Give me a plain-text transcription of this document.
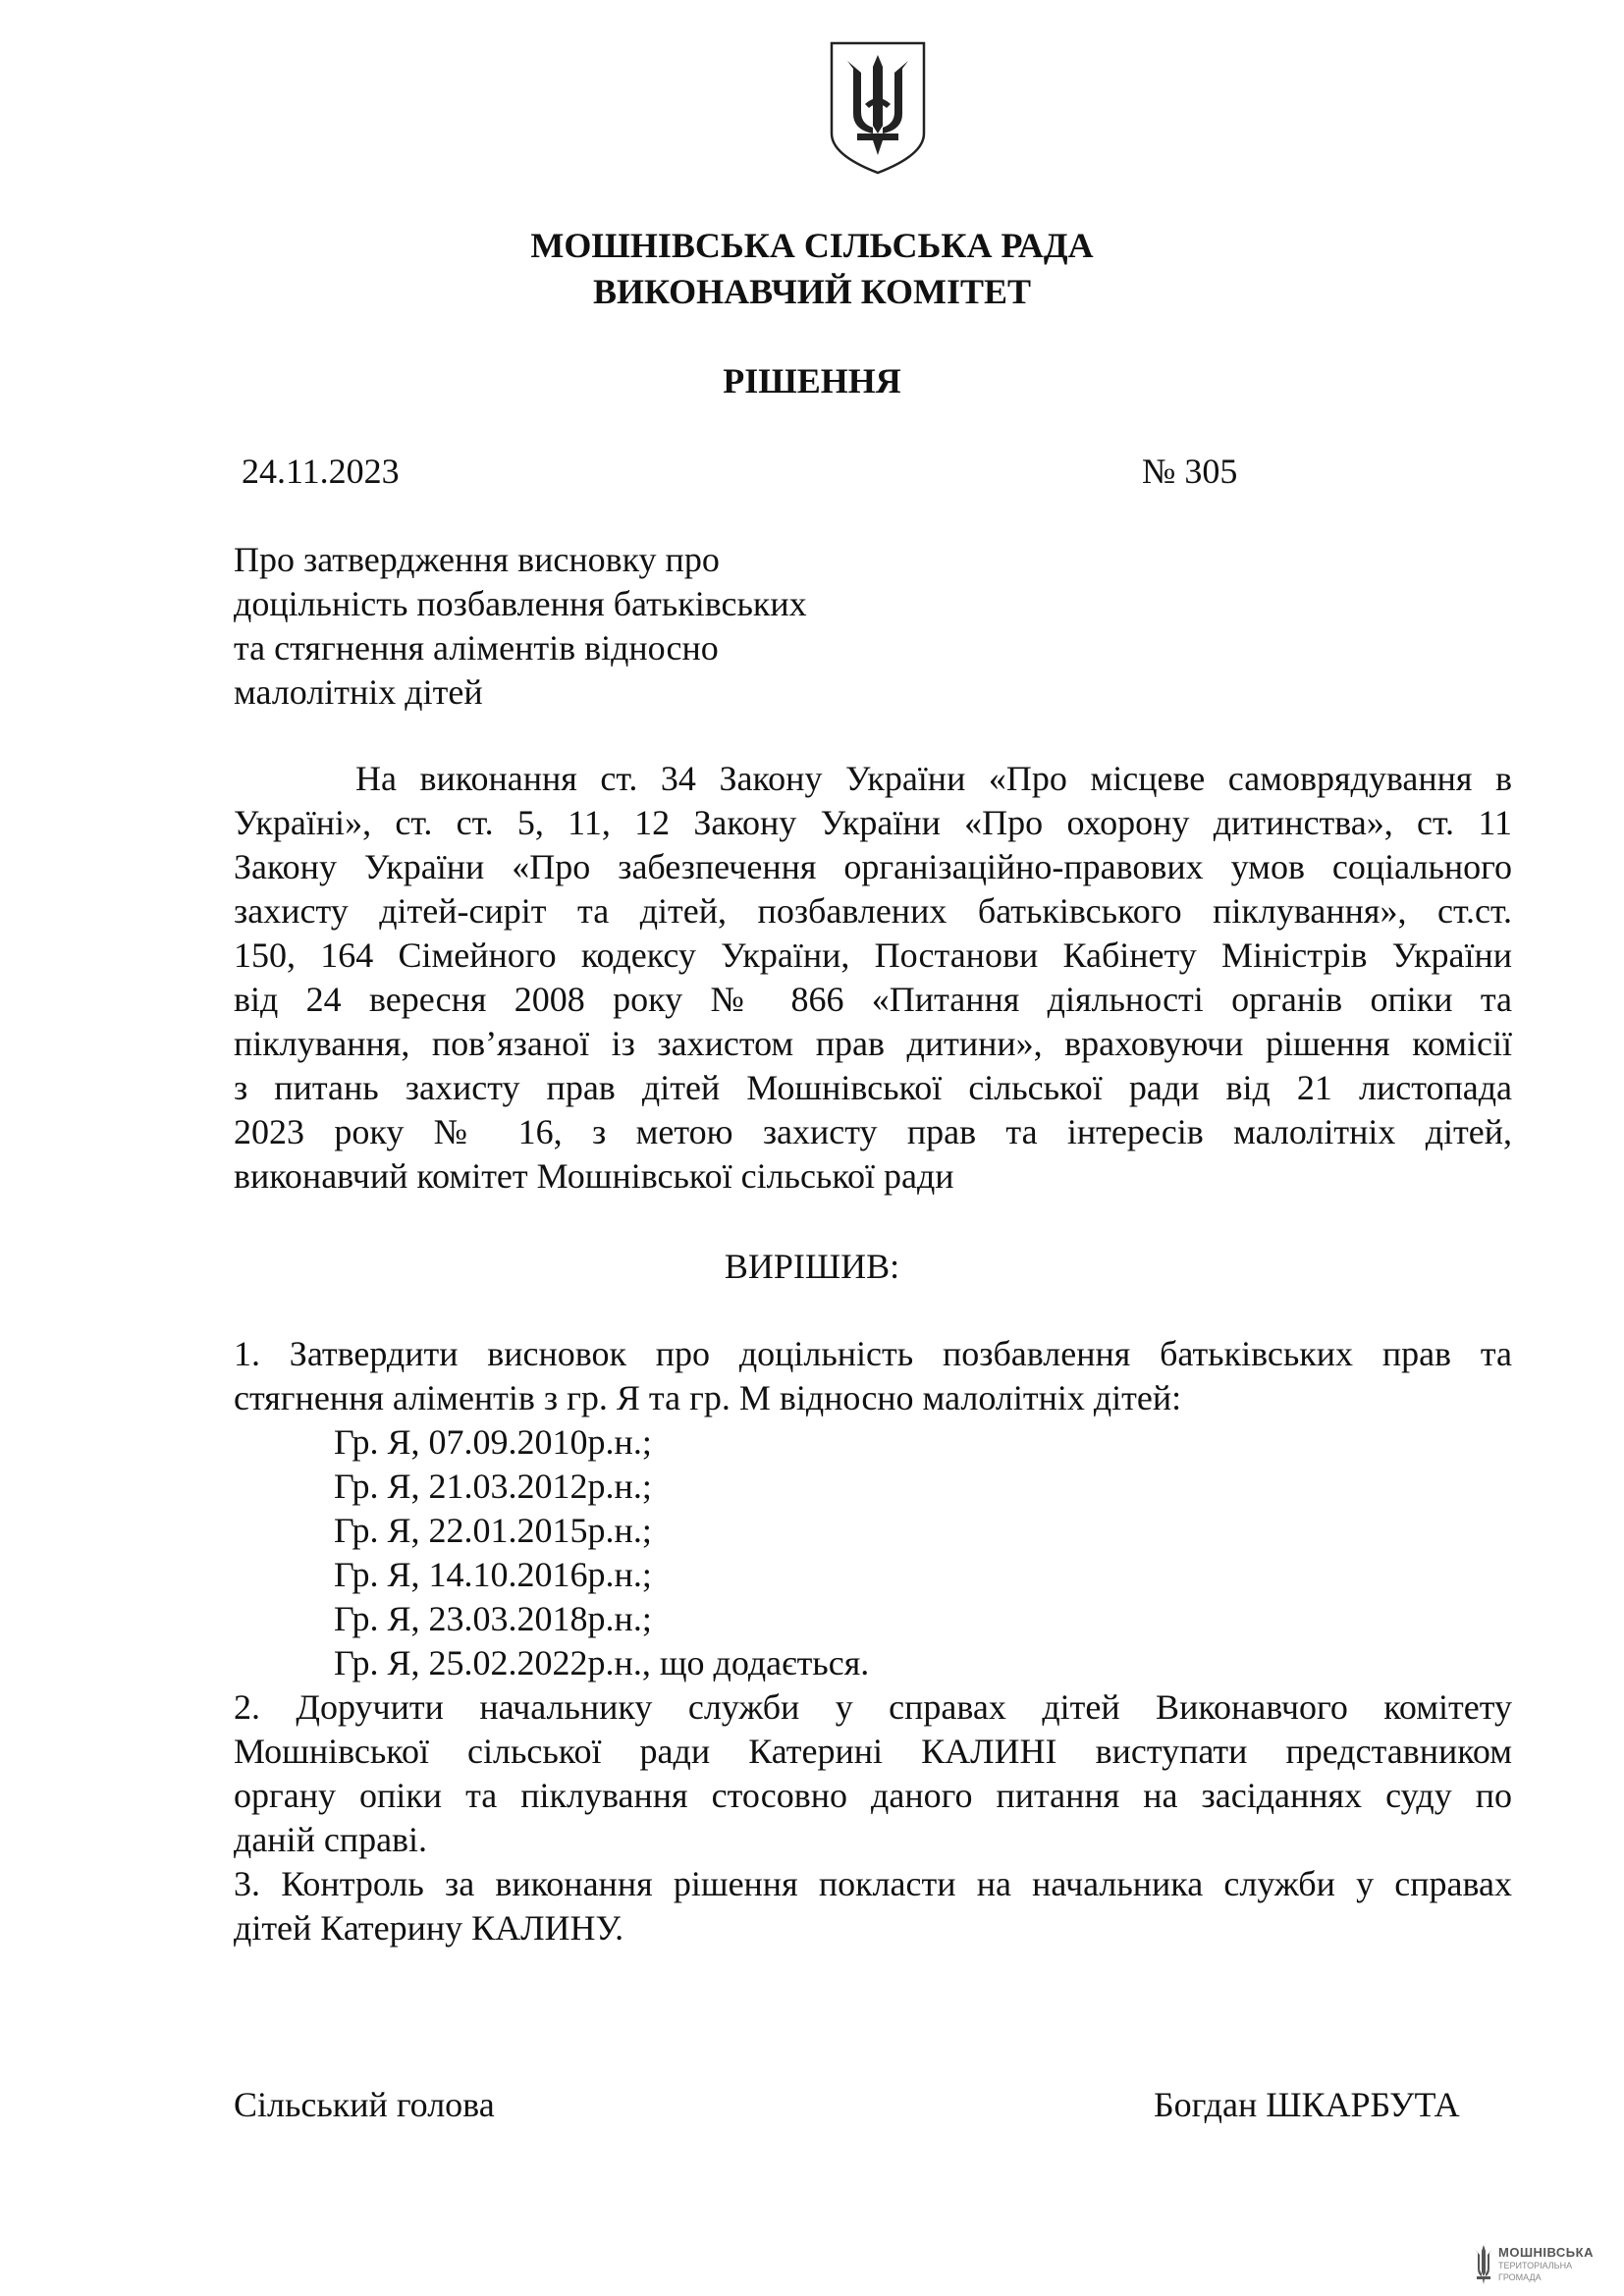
МОШНІВСЬКА СІЛЬСЬКА РАДА
ВИКОНАВЧИЙ КОМІТЕТ
РІШЕННЯ
24.11.2023	№ 305
Про затвердження висновку про
доцільність позбавлення батьківських
та стягнення аліментів відносно
малолітніх дітей
На виконання ст. 34 Закону України «Про місцеве самоврядування в
Україні», ст. ст. 5, 11, 12 Закону України «Про охорону дитинства», ст. 11
Закону України «Про забезпечення організаційно-правових умов соціального
захисту дітей-сиріт та дітей, позбавлених батьківського піклування», ст.ст.
150, 164 Сімейного кодексу України, Постанови Кабінету Міністрів України
від 24 вересня 2008 року № 866 «Питання діяльності органів опіки та
піклування, пов’язаної із захистом прав дитини», враховуючи рішення комісії
з питань захисту прав дітей Мошнівської сільської ради від 21 листопада
2023 року № 16, з метою захисту прав та інтересів малолітніх дітей,
виконавчий комітет Мошнівської сільської ради
ВИРІШИВ:
1. Затвердити висновок про доцільність позбавлення батьківських прав та
стягнення аліментів з гр. Я та гр. М відносно малолітніх дітей:
Гр. Я, 07.09.2010р.н.;
Гр. Я, 21.03.2012р.н.;
Гр. Я, 22.01.2015р.н.;
Гр. Я, 14.10.2016р.н.;
Гр. Я, 23.03.2018р.н.;
Гр. Я, 25.02.2022р.н., що додається.
2. Доручити начальнику служби у справах дітей Виконавчого комітету
Мошнівської сільської ради Катерині КАЛИНІ виступати представником
органу опіки та піклування стосовно даного питання на засіданнях суду по
даній справі.
3. Контроль за виконання рішення покласти на начальника служби у справах
дітей Катерину КАЛИНУ.
Сільський голова	Богдан ШКАРБУТА
МОШНІВСЬКА
ТЕРИТОРІАЛЬНА
ГРОМАДА
